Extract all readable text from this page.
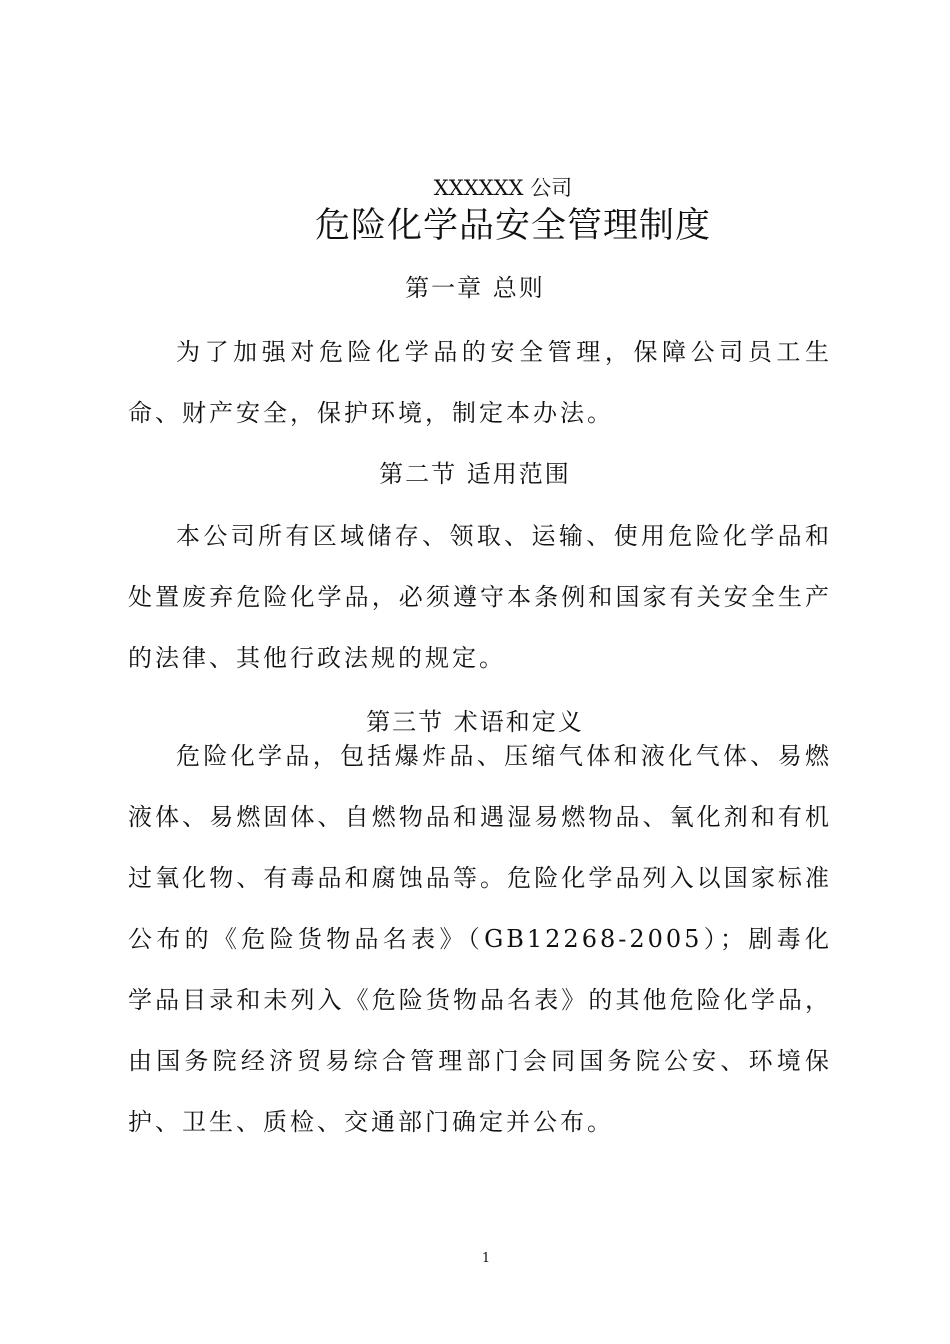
XXXXXX 公司
危险化学品安全管理制度
第一章 总则

为了加强对危险化学品的安全管理，保障公司员工生命、财产安全，保护环境，制定本办法。

第二节 适用范围

本公司所有区域储存、领取、运输、使用危险化学品和处置废弃危险化学品，必须遵守本条例和国家有关安全生产的法律、其他行政法规的规定。

第三节 术语和定义

危险化学品，包括爆炸品、压缩气体和液化气体、易燃液体、易燃固体、自燃物品和遇湿易燃物品、氧化剂和有机过氧化物、有毒品和腐蚀品等。危险化学品列入以国家标准公布的《危险货物品名表》（GB12268-2005）；剧毒化学品目录和未列入《危险货物品名表》的其他危险化学品，由国务院经济贸易综合管理部门会同国务院公安、环境保护、卫生、质检、交通部门确定并公布。

1
